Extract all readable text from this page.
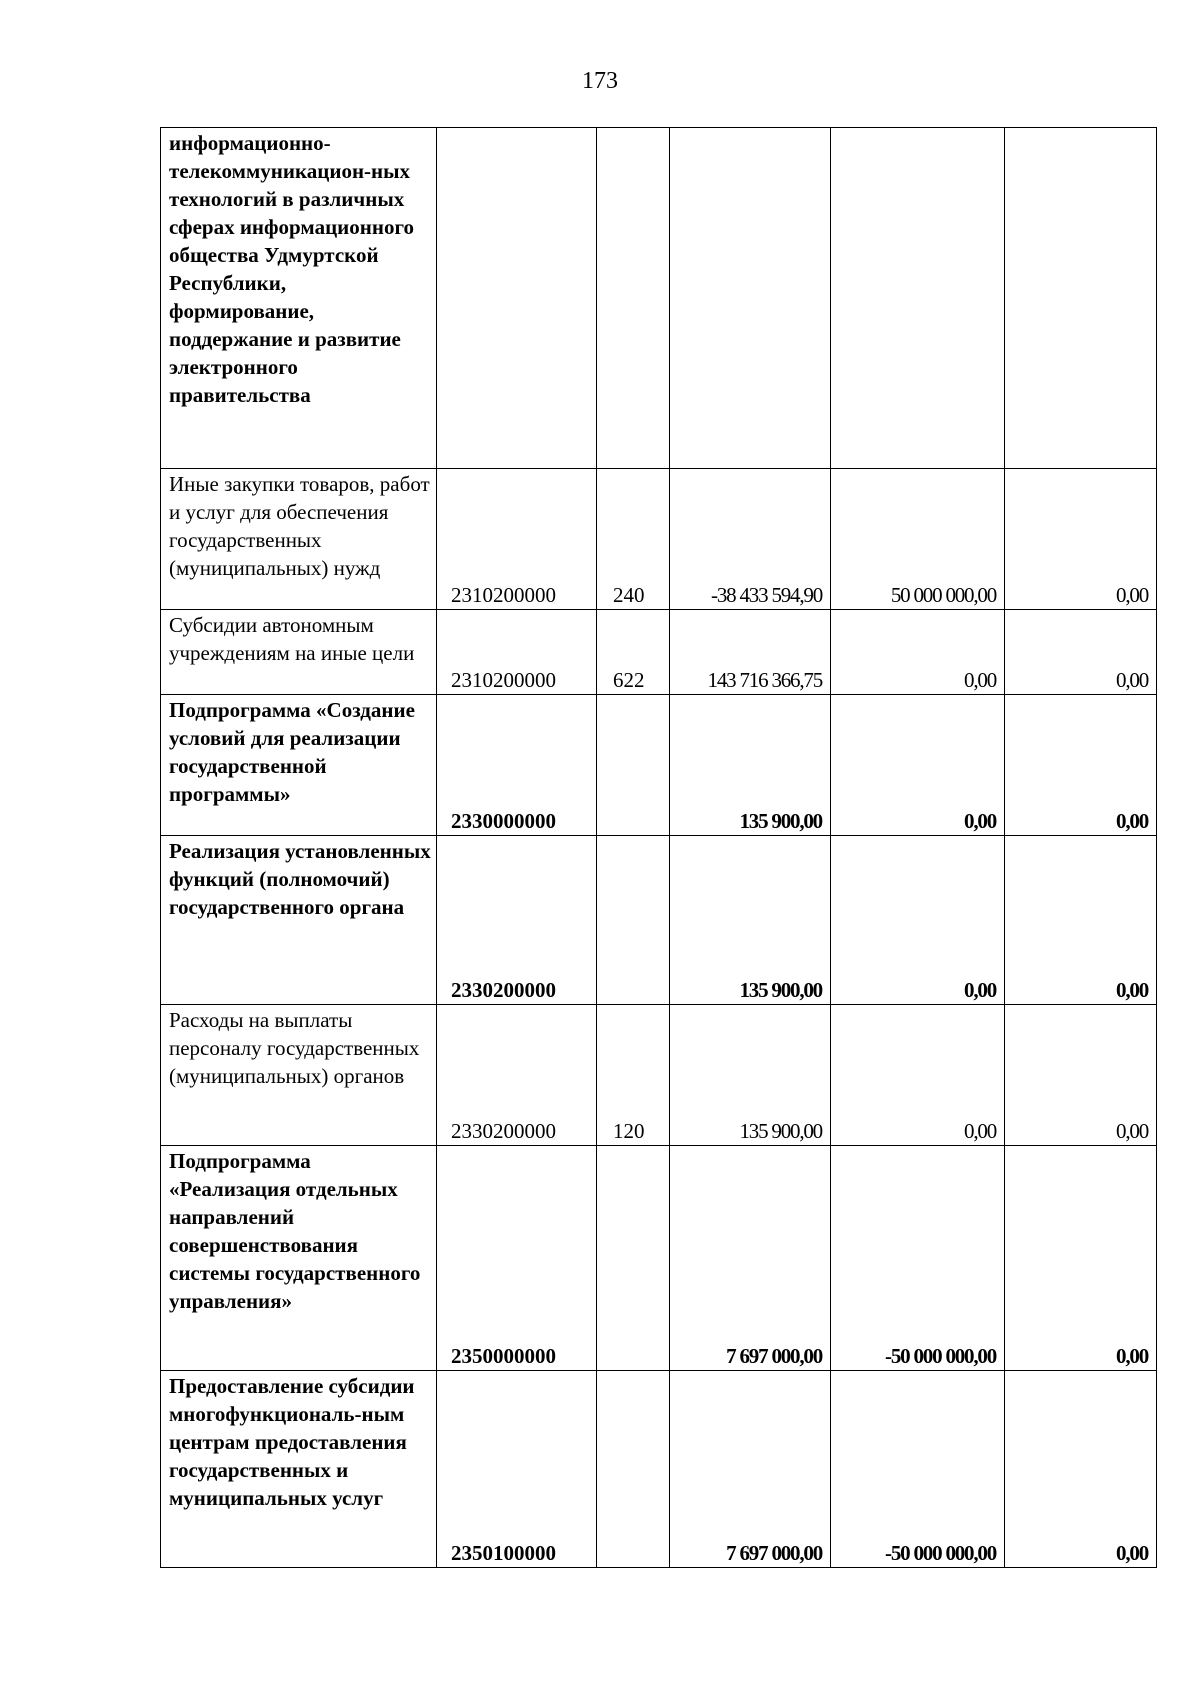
173
информационно-телекоммуникацион-ных технологий в различных сферах информационного общества Удмуртской Республики, формирование, поддержание и развитие электронного правительства					
Иные закупки товаров, работ и услуг для обеспечения государственных (муниципальных) нужд	2310200000	240	-38 433 594,90	50 000 000,00	0,00
Субсидии автономным учреждениям на иные цели	2310200000	622	143 716 366,75	0,00	0,00
Подпрограмма «Создание условий для реализации государственной программы»	2330000000		135 900,00	0,00	0,00
Реализация установленных функций (полномочий) государственного органа	2330200000		135 900,00	0,00	0,00
Расходы на выплаты персоналу государственных (муниципальных) органов	2330200000	120	135 900,00	0,00	0,00
Подпрограмма «Реализация отдельных направлений совершенствования системы государственного управления»	2350000000		7 697 000,00	-50 000 000,00	0,00
Предоставление субсидии многофункциональ-ным центрам предоставления государственных и муниципальных услуг	2350100000		7 697 000,00	-50 000 000,00	0,00
